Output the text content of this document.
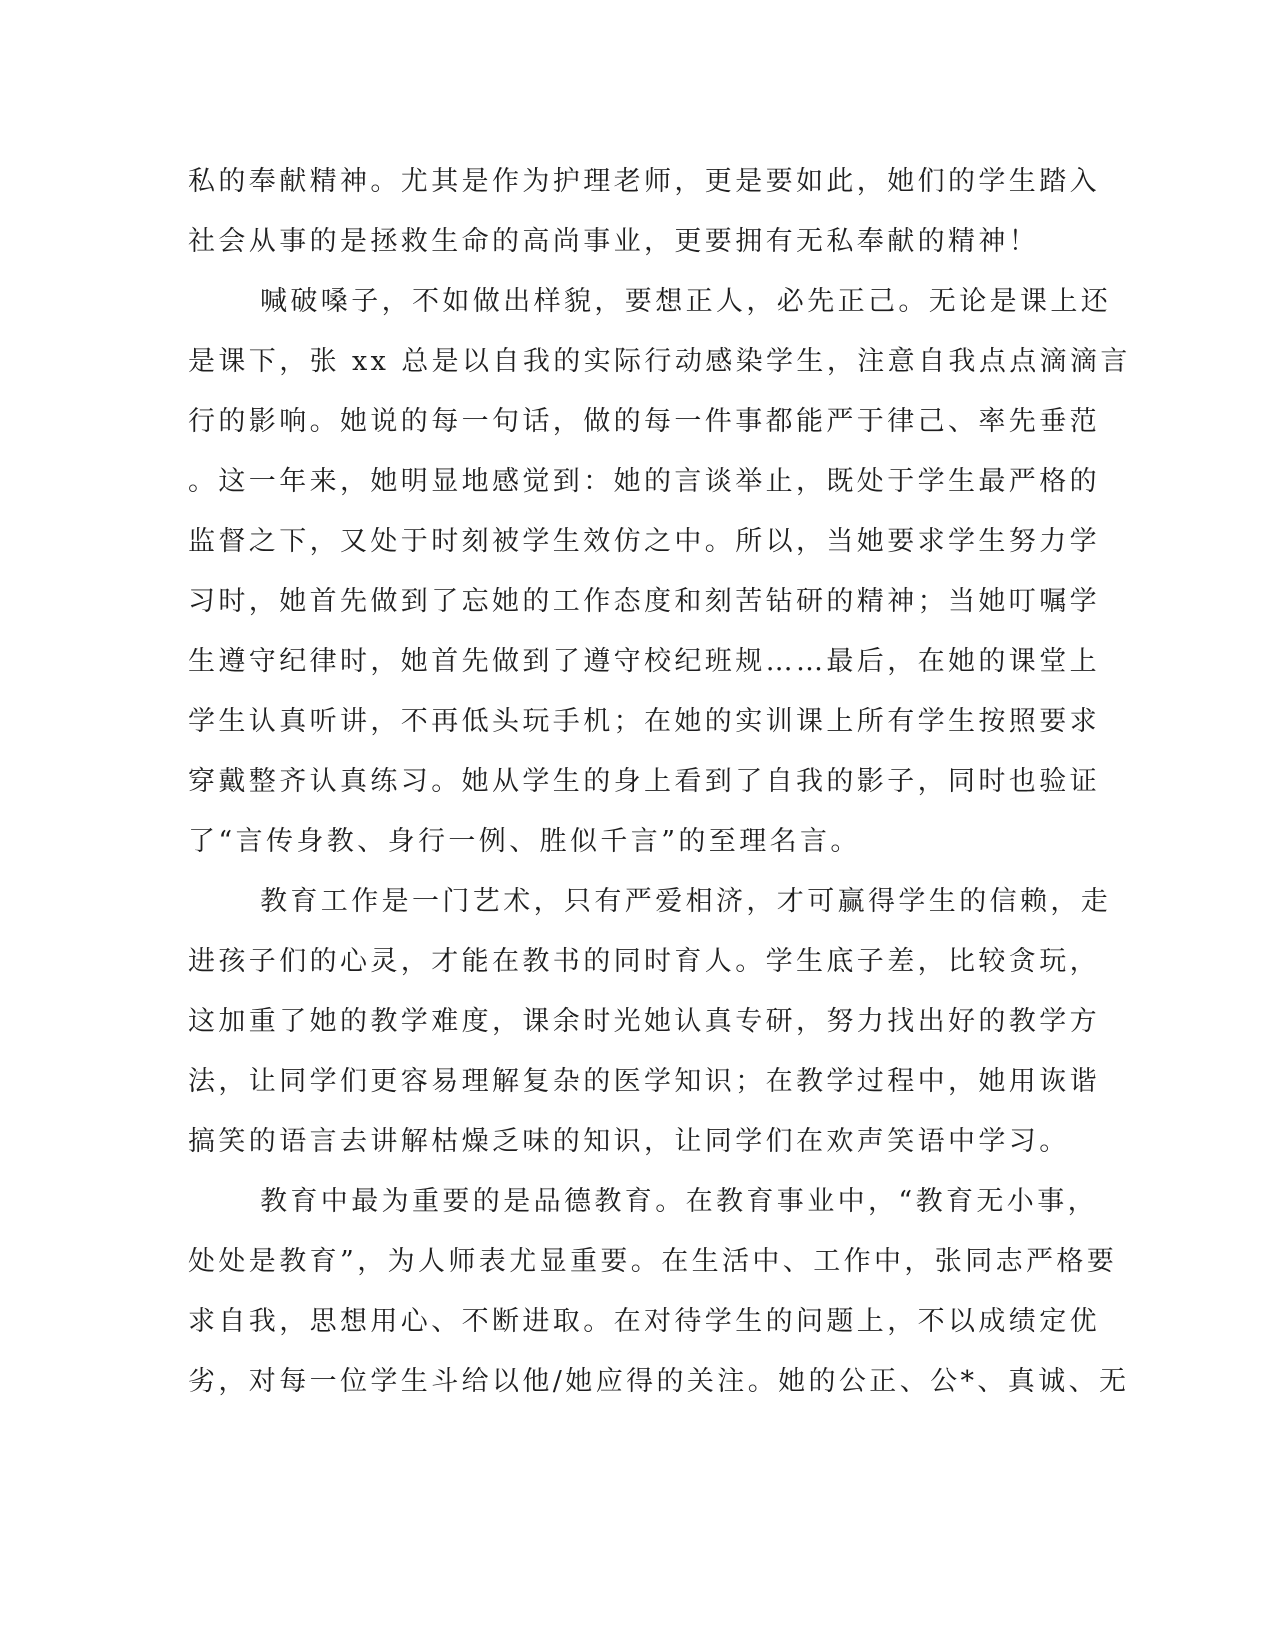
私的奉献精神。尤其是作为护理老师，更是要如此，她们的学生踏入
社会从事的是拯救生命的高尚事业，更要拥有无私奉献的精神！
喊破嗓子，不如做出样貌，要想正人，必先正己。无论是课上还
是课下，张 xx 总是以自我的实际行动感染学生，注意自我点点滴滴言
行的影响。她说的每一句话，做的每一件事都能严于律己、率先垂范
。这一年来，她明显地感觉到：她的言谈举止，既处于学生最严格的
监督之下，又处于时刻被学生效仿之中。所以，当她要求学生努力学
习时，她首先做到了忘她的工作态度和刻苦钻研的精神；当她叮嘱学
生遵守纪律时，她首先做到了遵守校纪班规……最后，在她的课堂上
学生认真听讲，不再低头玩手机；在她的实训课上所有学生按照要求
穿戴整齐认真练习。她从学生的身上看到了自我的影子，同时也验证
了“言传身教、身行一例、胜似千言”的至理名言。
教育工作是一门艺术，只有严爱相济，才可赢得学生的信赖，走
进孩子们的心灵，才能在教书的同时育人。学生底子差，比较贪玩，
这加重了她的教学难度，课余时光她认真专研，努力找出好的教学方
法，让同学们更容易理解复杂的医学知识；在教学过程中，她用诙谐
搞笑的语言去讲解枯燥乏味的知识，让同学们在欢声笑语中学习。
教育中最为重要的是品德教育。在教育事业中，“教育无小事，
处处是教育”，为人师表尤显重要。在生活中、工作中，张同志严格要
求自我，思想用心、不断进取。在对待学生的问题上，不以成绩定优
劣，对每一位学生斗给以他/她应得的关注。她的公正、公*、真诚、无
